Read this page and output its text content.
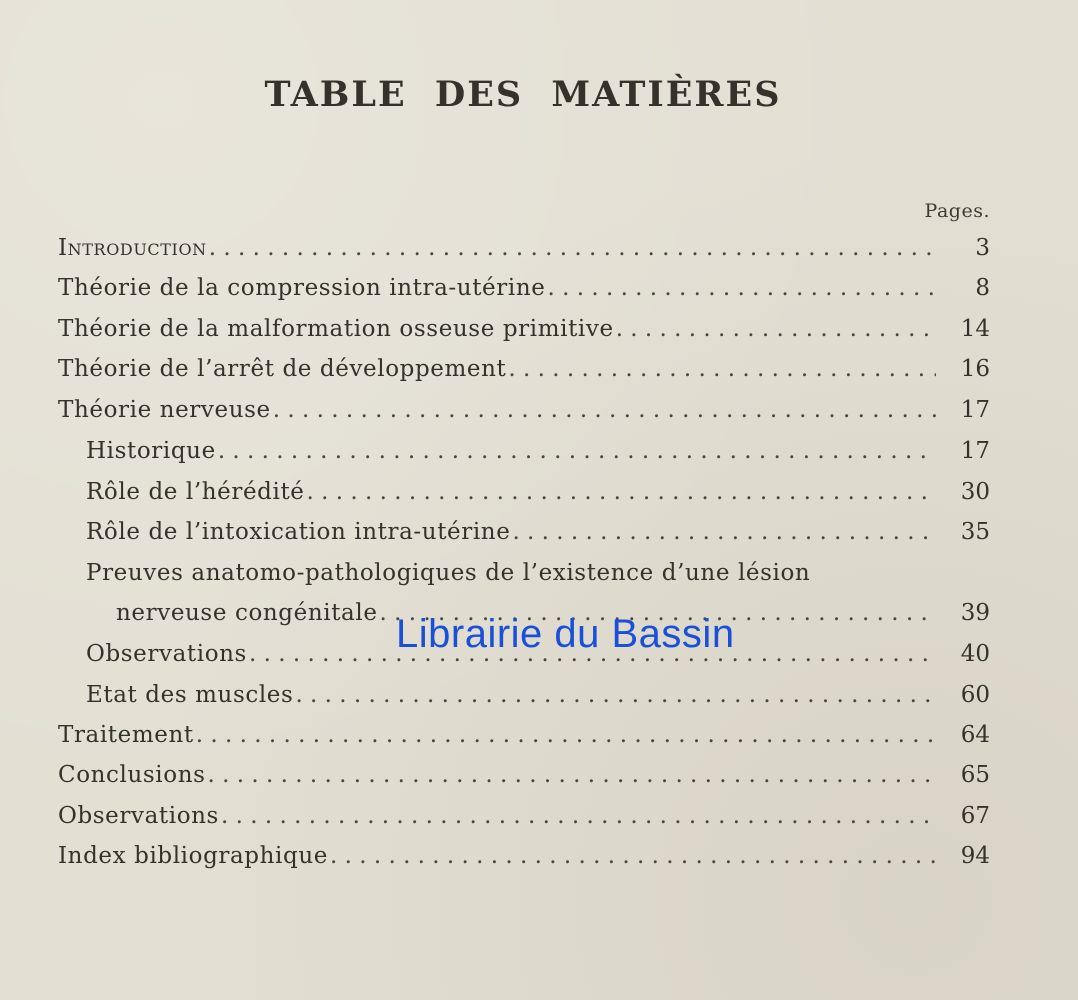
TABLE DES MATIÈRES
Pages.
Introduction . . .	3
Théorie de la compression intra-utérine . . .	8
Théorie de la malformation osseuse primitive . . .	14
Théorie de l’arrêt de développement . . .	16
Théorie nerveuse . . .	17
Historique . . .	17
Rôle de l’hérédité . . .	30
Rôle de l’intoxication intra-utérine . . .	35
Preuves anatomo-pathologiques de l’existence d’une lésion
nerveuse congénitale . . .	39
Observations . . .	40
Etat des muscles . . .	60
Traitement . . .	64
Conclusions . . .	65
Observations . . .	67
Index bibliographique . . .	94
Librairie du Bassin
